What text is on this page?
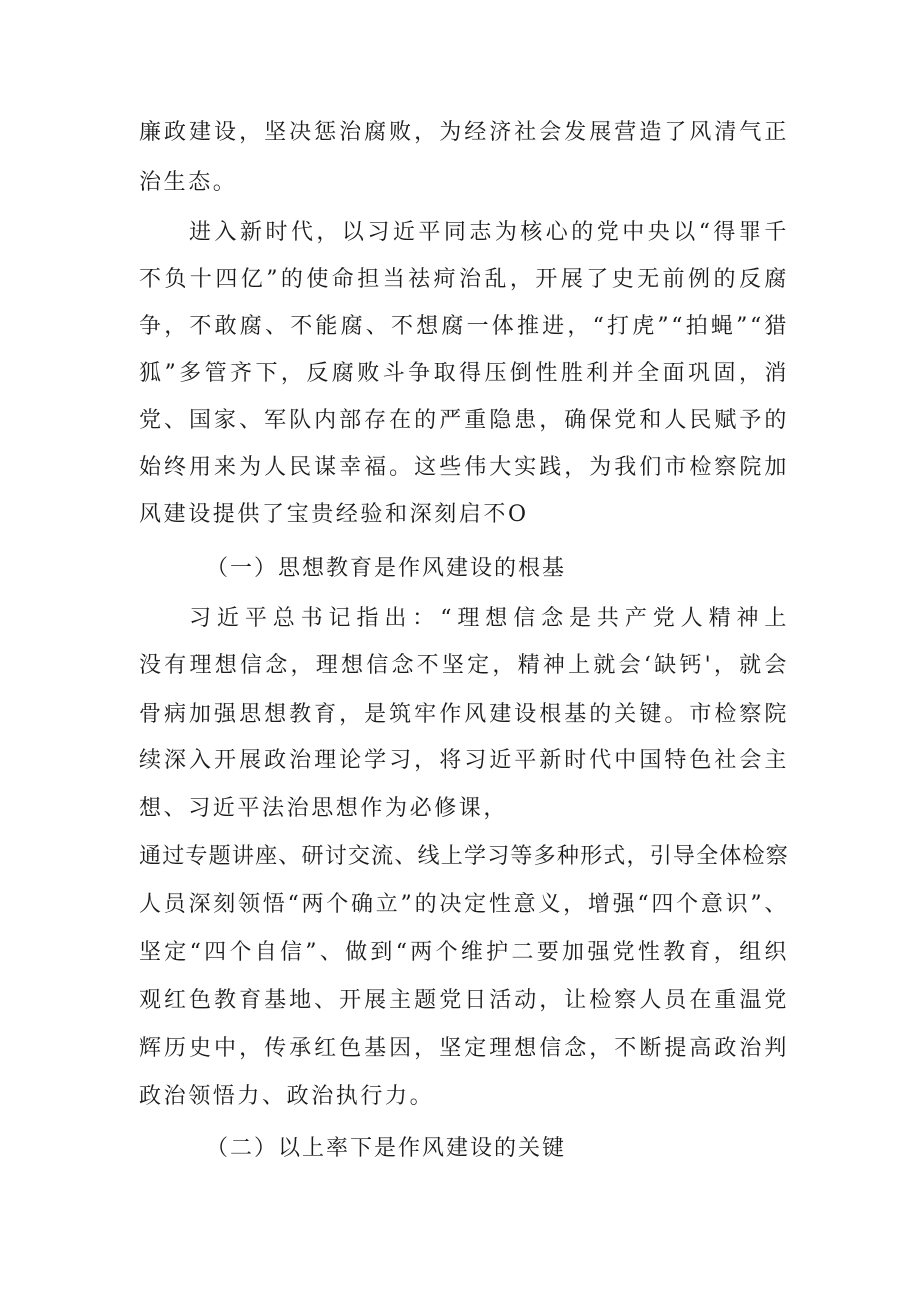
廉政建设，坚决惩治腐败，为经济社会发展营造了风清气正
治生态。
进入新时代，以习近平同志为核心的党中央以“得罪千
不负十四亿”的使命担当祛疴治乱，开展了史无前例的反腐
争，不敢腐、不能腐、不想腐一体推进，“打虎”“拍蝇”“猎
狐”多管齐下，反腐败斗争取得压倒性胜利并全面巩固，消
党、国家、军队内部存在的严重隐患，确保党和人民赋予的
始终用来为人民谋幸福。这些伟大实践，为我们市检察院加
风建设提供了宝贵经验和深刻启不O
（一）思想教育是作风建设的根基
习近平总书记指出：“理想信念是共产党人精神上
没有理想信念，理想信念不坚定，精神上就会‘缺钙'，就会
骨病加强思想教育，是筑牢作风建设根基的关键。市检察院
续深入开展政治理论学习，将习近平新时代中国特色社会主
想、习近平法治思想作为必修课，
通过专题讲座、研讨交流、线上学习等多种形式，引导全体检察
人员深刻领悟“两个确立”的决定性意义，增强“四个意识”、
坚定“四个自信”、做到“两个维护二要加强党性教育，组织
观红色教育基地、开展主题党日活动，让检察人员在重温党
辉历史中，传承红色基因，坚定理想信念，不断提高政治判
政治领悟力、政治执行力。
（二）以上率下是作风建设的关键
